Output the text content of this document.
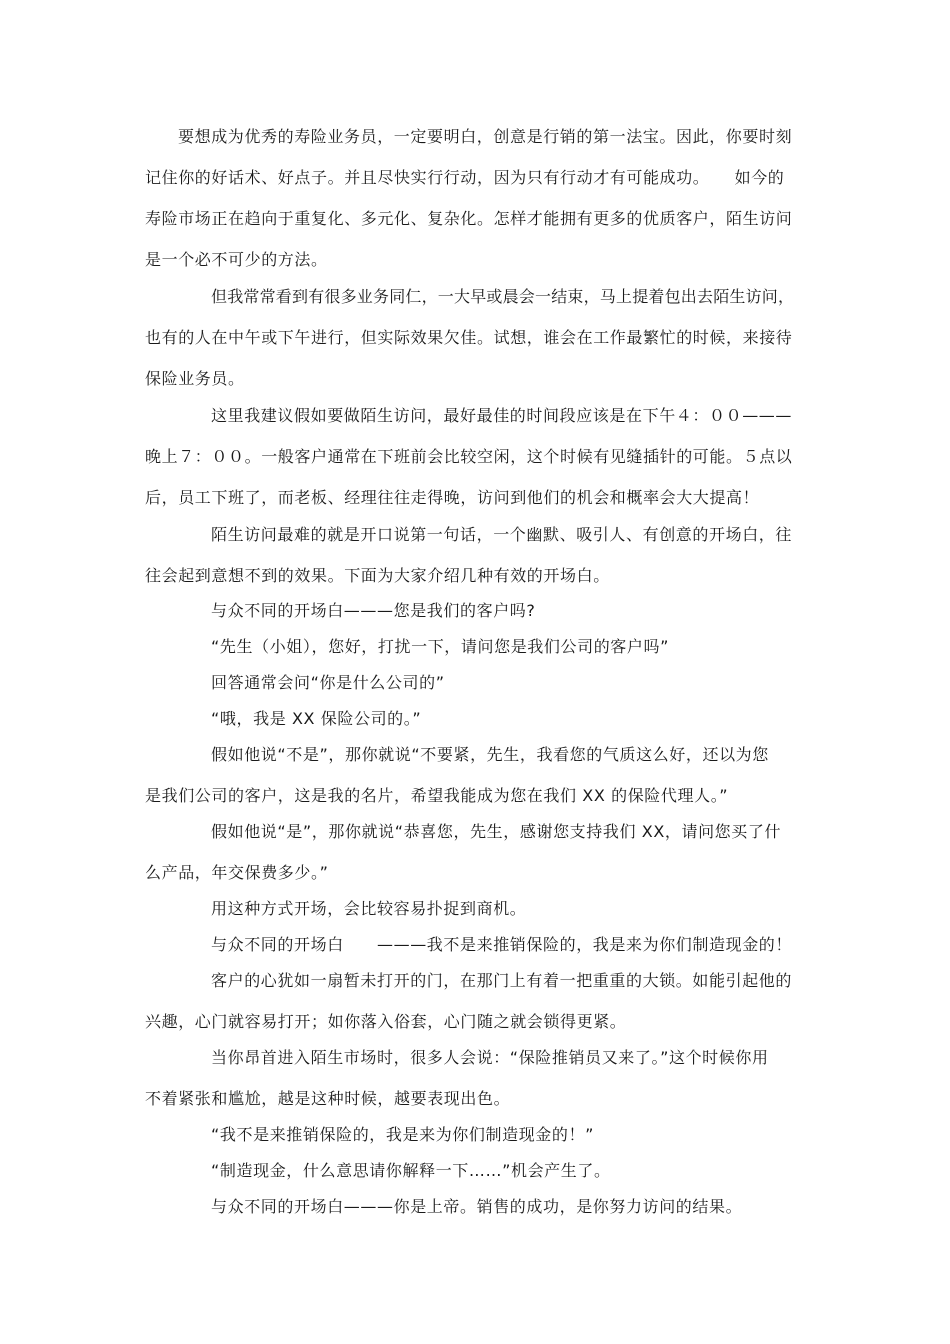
要想成为优秀的寿险业务员，一定要明白，创意是行销的第一法宝。因此，你要时刻
记住你的好话术、好点子。并且尽快实行行动，因为只有行动才有可能成功。　　如今的
寿险市场正在趋向于重复化、多元化、复杂化。怎样才能拥有更多的优质客户，陌生访问
是一个必不可少的方法。
但我常常看到有很多业务同仁，一大早或晨会一结束，马上提着包出去陌生访问，
也有的人在中午或下午进行，但实际效果欠佳。试想，谁会在工作最繁忙的时候，来接待
保险业务员。
这里我建议假如要做陌生访问，最好最佳的时间段应该是在下午４：００———
晚上７：００。一般客户通常在下班前会比较空闲，这个时候有见缝插针的可能。５点以
后，员工下班了，而老板、经理往往走得晚，访问到他们的机会和概率会大大提高！
陌生访问最难的就是开口说第一句话，一个幽默、吸引人、有创意的开场白，往
往会起到意想不到的效果。下面为大家介绍几种有效的开场白。
与众不同的开场白———您是我们的客户吗?
“先生（小姐），您好，打扰一下，请问您是我们公司的客户吗”
回答通常会问“你是什么公司的”
“哦，我是 XX 保险公司的。”
假如他说“不是”，那你就说“不要紧，先生，我看您的气质这么好，还以为您
是我们公司的客户，这是我的名片，希望我能成为您在我们 XX 的保险代理人。”
假如他说“是”，那你就说“恭喜您，先生，感谢您支持我们 XX，请问您买了什
么产品，年交保费多少。”
用这种方式开场，会比较容易扑捉到商机。
与众不同的开场白　　———我不是来推销保险的，我是来为你们制造现金的！
客户的心犹如一扇暂未打开的门，在那门上有着一把重重的大锁。如能引起他的
兴趣，心门就容易打开；如你落入俗套，心门随之就会锁得更紧。
当你昂首进入陌生市场时，很多人会说：“保险推销员又来了。”这个时候你用
不着紧张和尴尬，越是这种时候，越要表现出色。
“我不是来推销保险的，我是来为你们制造现金的！”
“制造现金，什么意思请你解释一下……”机会产生了。
与众不同的开场白———你是上帝。销售的成功，是你努力访问的结果。
